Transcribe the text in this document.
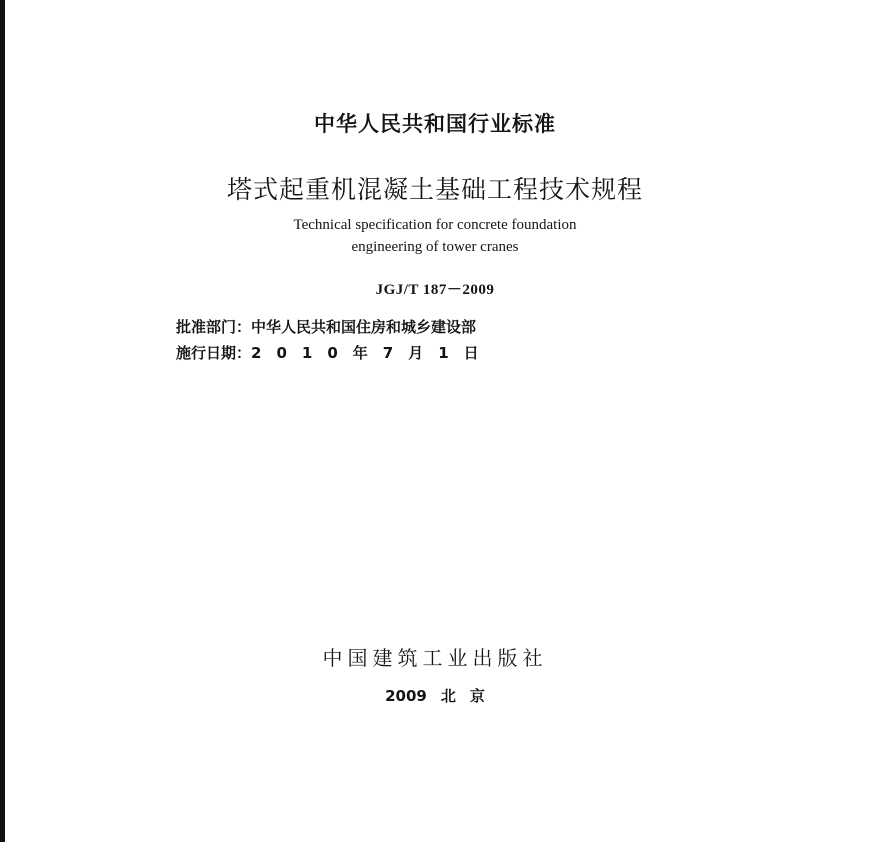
中华人民共和国行业标准
塔式起重机混凝土基础工程技术规程
Technical specification for concrete foundation
engineering of tower cranes
JGJ/T 187－2009
批准部门：中华人民共和国住房和城乡建设部
施行日期：2010年7月1日
中国建筑工业出版社
2009 北 京
